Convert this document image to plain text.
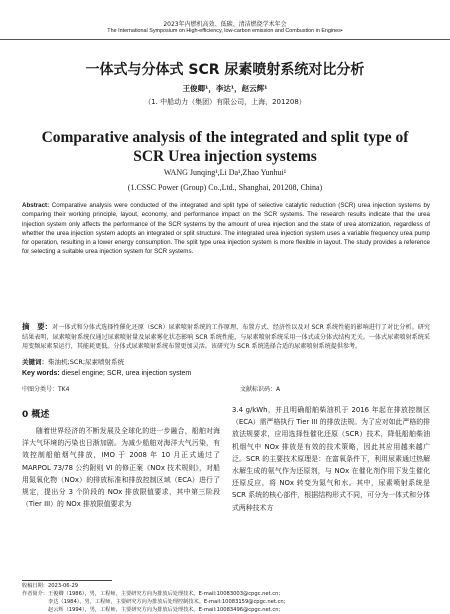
2023年内燃机高效、低碳、清洁燃烧学术年会
The International Symposium on High-efficiency, low-carbon emission and Combustion in Engines•
一体式与分体式 SCR 尿素喷射系统对比分析
王俊卿¹，李达¹，赵云辉¹
（1. 中船动力（集团）有限公司，上海，201208）
Comparative analysis of the integrated and split type of SCR Urea injection systems
WANG Junqing¹,Li Da¹,Zhao Yunhui¹
(1.CSSC Power (Group) Co.,Ltd., Shanghai, 201208, China)
Abstract: Comparative analysis were conducted of the integrated and split type of selective catalytic reduction (SCR) urea injection systems by comparing their working principle, layout, economy, and performance impact on the SCR systems. The research results indicate that the urea injection system only affects the performance of the SCR systems by the amount of urea injection and the state of urea atomization, regardless of whether the urea injection system adopts an integrated or split structure. The integrated urea injection system uses a variable frequency urea pump for operation, resulting in a lower energy consumption. The split type urea injection system is more flexible in layout. The study provides a reference for selecting a suitable urea injection system for SCR systems.
摘　要：对一体式和分体式选择性催化还原（SCR）尿素喷射系统的工作原理、布置方式、经济性以及对 SCR 系统性能的影响进行了对比分析。研究结果表明，尿素喷射系统仅通过尿素喷射量及尿素雾化状态影响 SCR 系统性能，与尿素喷射系统采用一体式或分体式结构无关。一体式尿素喷射系统采用变频尿素泵运行，其能耗更低。分体式尿素喷射系统布置更加灵活。该研究为 SCR 系统选择合适的尿素喷射系统提供参考。
关键词：柴油机;SCR;尿素喷射系统
Key words: diesel engine; SCR, urea injection system
中图分类号：TK4	文献标识码：A
0 概述
随着世界经济的不断发展及全球化的进一步融合，船舶对海洋大气环境的污染也日渐加剧。为减少船舶对海洋大气污染，有效控制船舶烟气排放，IMO 于 2008 年 10 月正式通过了 MARPOL 73/78 公约附则 VI 的修正案《NOx 技术规则》，对船用氮氧化物（NOx）的排放标准和排放控制区域（ECA）进行了规定，提出分 3 个阶段的 NOx 排放限值要求，其中第三阶段（Tier III）的 NOx 排放限值要求为
3.4 g/kWh，并且明确船舶柴油机于 2016 年起在排放控制区（ECA）需严格执行 Tier III 的排放法规。为了应对如此严格的排放法规要求，应用选择性催化还原（SCR）技术，降低船舶柴油机烟气中 NOx 排放是有效的技术策略，因此其应用越来越广泛。SCR 的主要技术原理是：在富氧条件下，利用尿素通过热解水解生成的氨气作为还原剂，与 NOx 在催化剂作用下发生催化还原反应，将 NOx 转变为氮气和水。其中，尿素喷射系统是 SCR 系统的核心部件，根据结构形式不同，可分为一体式和分体式两种技术方
收稿日期：2023-06-29
作者简介：王俊卿（1986），男，工程师，主要研究方向为排放后处理技术。E-mail:10083003@cpgc.net.cn;
李达（1984），男，工程师，主要研究方向为排放后处理控制技术。E-mail:10083159@cpgc.net.cn;
赵云辉（1994），男，工程师，主要研究方向为排放后处理技术。E-mail:10083496@cpgc.net.cn;
